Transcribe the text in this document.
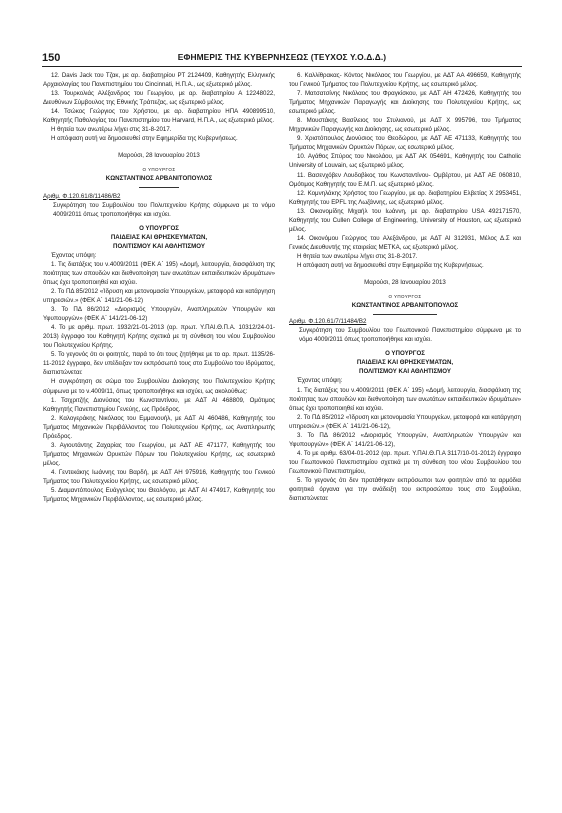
150	ΕΦΗΜΕΡΙΣ ΤΗΣ ΚΥΒΕΡΝΗΣΕΩΣ (ΤΕΥΧΟΣ Υ.Ο.Δ.Δ.)

12. Davis Jack του Τζακ, με αρ. διαβατηρίου PT 2124409, Καθηγητής Ελληνικής Αρχαιολογίας του Πανεπιστημίου του Cincinnati, Η.Π.Α., ως εξωτερικό μέλος.

13. Τουρκολιάς Αλέξανδρος του Γεωργίου, με αρ. διαβατηρίου Α 12248022, Διευθύνων Σύμβουλος της Εθνικής Τράπεζας, ως εξωτερικό μέλος.

14. Τσώκος Γεώργιος του Χρήστου, με αρ. διαβατηρίου ΗΠΑ 490899510, Καθηγητής Παθολογίας του Πανεπιστημίου του Harvard, Η.Π.Α., ως εξωτερικό μέλος.

Η θητεία των ανωτέρω λήγει στις 31-8-2017.

Η απόφαση αυτή να δημοσιευθεί στην Εφημερίδα της Κυβερνήσεως.

Μαρούσι, 28 Ιανουαρίου 2013

Ο ΥΠΟΥΡΓΟΣ

ΚΩΝΣΤΑΝΤΙΝΟΣ ΑΡΒΑΝΙΤΟΠΟΥΛΟΣ

Αριθμ. Φ.120.61/8/11486/Β2

Συγκρότηση του Συμβουλίου του Πολυτεχνείου Κρήτης σύμφωνα με το νόμο 4009/2011 όπως τροποποιήθηκε και ισχύει.

Ο ΥΠΟΥΡΓΟΣ

ΠΑΙΔΕΙΑΣ ΚΑΙ ΘΡΗΣΚΕΥΜΑΤΩΝ,

ΠΟΛΙΤΙΣΜΟΥ ΚΑΙ ΑΘΛΗΤΙΣΜΟΥ

Έχοντας υπόψη:

1. Τις διατάξεις του ν.4009/2011 (ΦΕΚ Α΄ 195) «Δομή, λειτουργία, διασφάλιση της ποιότητας των σπουδών και διεθνοποίηση των ανωτάτων εκπαιδευτικών ιδρυμάτων» όπως έχει τροποποιηθεί και ισχύει.

2. Το ΠΔ 85/2012 «Ίδρυση και μετονομασία Υπουργείων, μεταφορά και κατάργηση υπηρεσιών.» (ΦΕΚ Α΄ 141/21-06-12)

3. Το ΠΔ 86/2012 «Διορισμός Υπουργών, Αναπληρωτών Υπουργών και Υφυπουργών» (ΦΕΚ Α΄ 141/21-06-12)

4. Το με αριθμ. πρωτ. 1932/21-01-2013 (αρ. πρωτ. Υ.ΠΑΙ.Θ.Π.Α. 10312/24-01-2013) έγγραφο του Καθηγητή Κρήτης σχετικά με τη σύνθεση του νέου Συμβουλίου του Πολυτεχνείου Κρήτης.

5. Το γεγονός ότι οι φοιτητές, παρά το ότι τους ζητήθηκε με το αρ. πρωτ. 1135/26-11-2012 έγγραφο, δεν υπέδειξαν τον εκπρόσωπό τους στο Συμβούλιο του Ιδρύματος, διαπιστώνεται:

Η συγκρότηση σε σώμα του Συμβουλίου Διοίκησης του Πολυτεχνείου Κρήτης σύμφωνα με το ν.4009/11, όπως τροποποιήθηκε και ισχύει, ως ακολούθως:

1. Τσιχριτζής Διονύσιος του Κωνσταντίνου, με ΑΔΤ ΑΙ 468809, Ομότιμος Καθηγητής Πανεπιστημίου Γενεύης, ως Πρόεδρος.

2. Καλογεράκης Νικόλαος του Εμμανουήλ, με ΑΔΤ ΑΙ 460486, Καθηγητής του Τμήματος Μηχανικών Περιβάλλοντος του Πολυτεχνείου Κρήτης, ως Αναπληρωτής Πρόεδρος.

3. Αγιουτάντης Ζαχαρίας του Γεωργίου, με ΑΔΤ ΑΕ 471177, Καθηγητής του Τμήματος Μηχανικών Ορυκτών Πόρων του Πολυτεχνείου Κρήτης, ως εσωτερικό μέλος.

4. Γεντεκάκης Ιωάννης του Βαρδή, με ΑΔΤ ΑΗ 975916, Καθηγητής του Γενικού Τμήματος του Πολυτεχνείου Κρήτης, ως εσωτερικό μέλος.

5. Διαμαντόπουλος Ευάγγελος του Θεολόγου, με ΑΔΤ ΑΙ 474917, Καθηγητής του Τμήματος Μηχανικών Περιβάλλοντος, ως εσωτερικό μέλος.

6. Καλλίθρακας- Κόντος Νικόλαος του Γεωργίου, με ΑΔΤ ΑΑ 496659, Καθηγητής του Γενικού Τμήματος του Πολυτεχνείου Κρήτης, ως εσωτερικό μέλος.

7. Ματσατσίνης Νικόλαος του Φραγκίσκου, με ΑΔΤ ΑΗ 472426, Καθηγητής του Τμήματος Μηχανικών Παραγωγής και Διοίκησης του Πολυτεχνείου Κρήτης, ως εσωτερικό μέλος.

8. Μουστάκης Βασίλειος του Στυλιανού, με ΑΔΤ Χ 995796, του Τμήματος Μηχανικών Παραγωγής και Διοίκησης, ως εσωτερικό μέλος.

9. Χριστόπουλος Διονύσιος του Θεοδώρου, με ΑΔΤ ΑΕ 471133, Καθηγητής του Τμήματος Μηχανικών Ορυκτών Πόρων, ως εσωτερικό μέλος.

10. Αγάθος Σπύρος του Νικολάου, με ΑΔΤ ΑΚ 054691, Καθηγητής του Catholic University of Louvain, ως εξωτερικό μέλος.

11. Βασενχόβεν Λουδοβίκος του Κωνσταντίνου- Ομβέρτου, με ΑΔΤ ΑΕ 060810, Ομότιμος Καθηγητής του Ε.Μ.Π. ως εξωτερικό μέλος.

12. Κομνηλάκης Χρήστος του Γεωργίου, με αρ. διαβατηρίου Ελβετίας Χ 2953451, Καθηγητής του EPFL της Λωζάννης, ως εξωτερικό μέλος.

13. Οικονομίδης Μιχαήλ του Ιωάννη, με αρ. διαβατηρίου USA 492171570, Καθηγητής του Cullen College of Engineering, University of Houston, ως εξωτερικό μέλος.

14. Οικονόμου Γεώργιος του Αλεξάνδρου, με ΑΔΤ ΑΙ 312931, Μέλος Δ.Σ και Γενικός Διευθυντής της εταιρείας ΜΕΤΚΑ, ως εξωτερικό μέλος.

Η θητεία των ανωτέρω λήγει στις 31-8-2017.

Η απόφαση αυτή να δημοσιευθεί στην Εφημερίδα της Κυβερνήσεως.

Μαρούσι, 28 Ιανουαρίου 2013

Ο ΥΠΟΥΡΓΟΣ

ΚΩΝΣΤΑΝΤΙΝΟΣ ΑΡΒΑΝΙΤΟΠΟΥΛΟΣ

Αριθμ. Φ.120.61/7/11484/Β2

Συγκρότηση του Συμβουλίου του Γεωπονικού Πανεπιστημίου σύμφωνα με το νόμο 4009/2011 όπως τροποποιήθηκε και ισχύει.

Ο ΥΠΟΥΡΓΟΣ

ΠΑΙΔΕΙΑΣ ΚΑΙ ΘΡΗΣΚΕΥΜΑΤΩΝ,

ΠΟΛΙΤΙΣΜΟΥ ΚΑΙ ΑΘΛΗΤΙΣΜΟΥ

Έχοντας υπόψη:

1. Τις διατάξεις του ν.4009/2011 (ΦΕΚ Α΄ 195) «Δομή, λειτουργία, διασφάλιση της ποιότητας των σπουδών και διεθνοποίηση των ανωτάτων εκπαιδευτικών ιδρυμάτων» όπως έχει τροποποιηθεί και ισχύει.

2. Το ΠΔ 85/2012 «Ίδρυση και μετονομασία Υπουργείων, μεταφορά και κατάργηση υπηρεσιών.» (ΦΕΚ Α΄ 141/21-06-12),

3. Το ΠΔ 86/2012 «Διορισμός Υπουργών, Αναπληρωτών Υπουργών και Υφυπουργών» (ΦΕΚ Α΄ 141/21-06-12),

4. Το με αριθμ. 63/04-01-2012 (αρ. πρωτ. Υ.ΠΑΙ.Θ.Π.Α 3117/10-01-2012) έγγραφο του Γεωπονικού Πανεπιστημίου σχετικά με τη σύνθεση του νέου Συμβουλίου του Γεωπονικού Πανεπιστημίου,

5. Το γεγονός ότι δεν προτάθηκαν εκπρόσωποι των φοιτητών από τα αρμόδια φοιτητικά όργανα για την ανάδειξη του εκπροσώπου τους στο Συμβούλιο, διαπιστώνεται:
